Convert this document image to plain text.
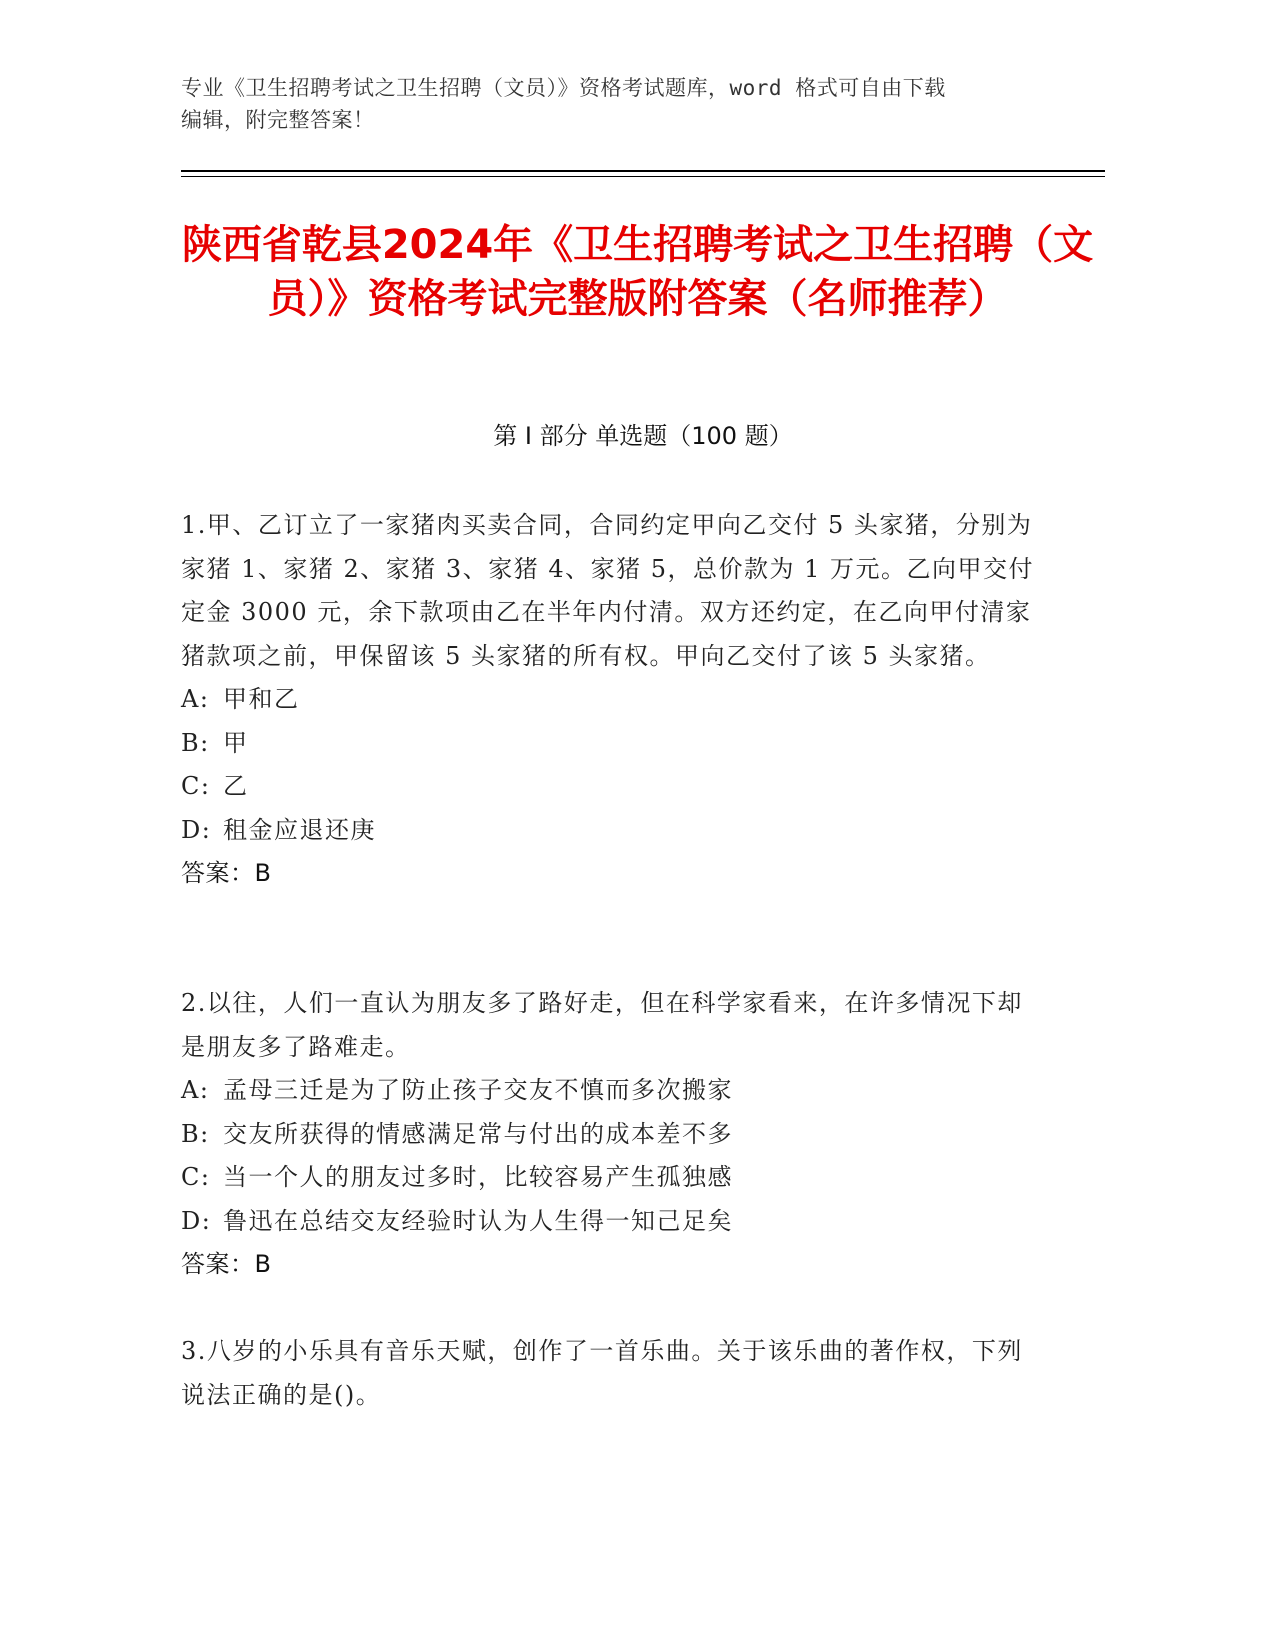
专业《卫生招聘考试之卫生招聘（文员）》资格考试题库，word 格式可自由下载
编辑，附完整答案！
陕西省乾县2024年《卫生招聘考试之卫生招聘（文员）》资格考试完整版附答案（名师推荐）
第 I 部分 单选题（100 题）

1.甲、乙订立了一家猪肉买卖合同，合同约定甲向乙交付 5 头家猪，分别为家猪 1、家猪 2、家猪 3、家猪 4、家猪 5，总价款为 1 万元。乙向甲交付定金 3000 元，余下款项由乙在半年内付清。双方还约定，在乙向甲付清家猪款项之前，甲保留该 5 头家猪的所有权。甲向乙交付了该 5 头家猪。

A: 甲和乙

B: 甲

C: 乙

D: 租金应退还庚

答案：B

2.以往，人们一直认为朋友多了路好走，但在科学家看来，在许多情况下却是朋友多了路难走。

A: 孟母三迁是为了防止孩子交友不慎而多次搬家

B: 交友所获得的情感满足常与付出的成本差不多

C: 当一个人的朋友过多时，比较容易产生孤独感

D: 鲁迅在总结交友经验时认为人生得一知己足矣

答案：B

3.八岁的小乐具有音乐天赋，创作了一首乐曲。关于该乐曲的著作权，下列说法正确的是()。
